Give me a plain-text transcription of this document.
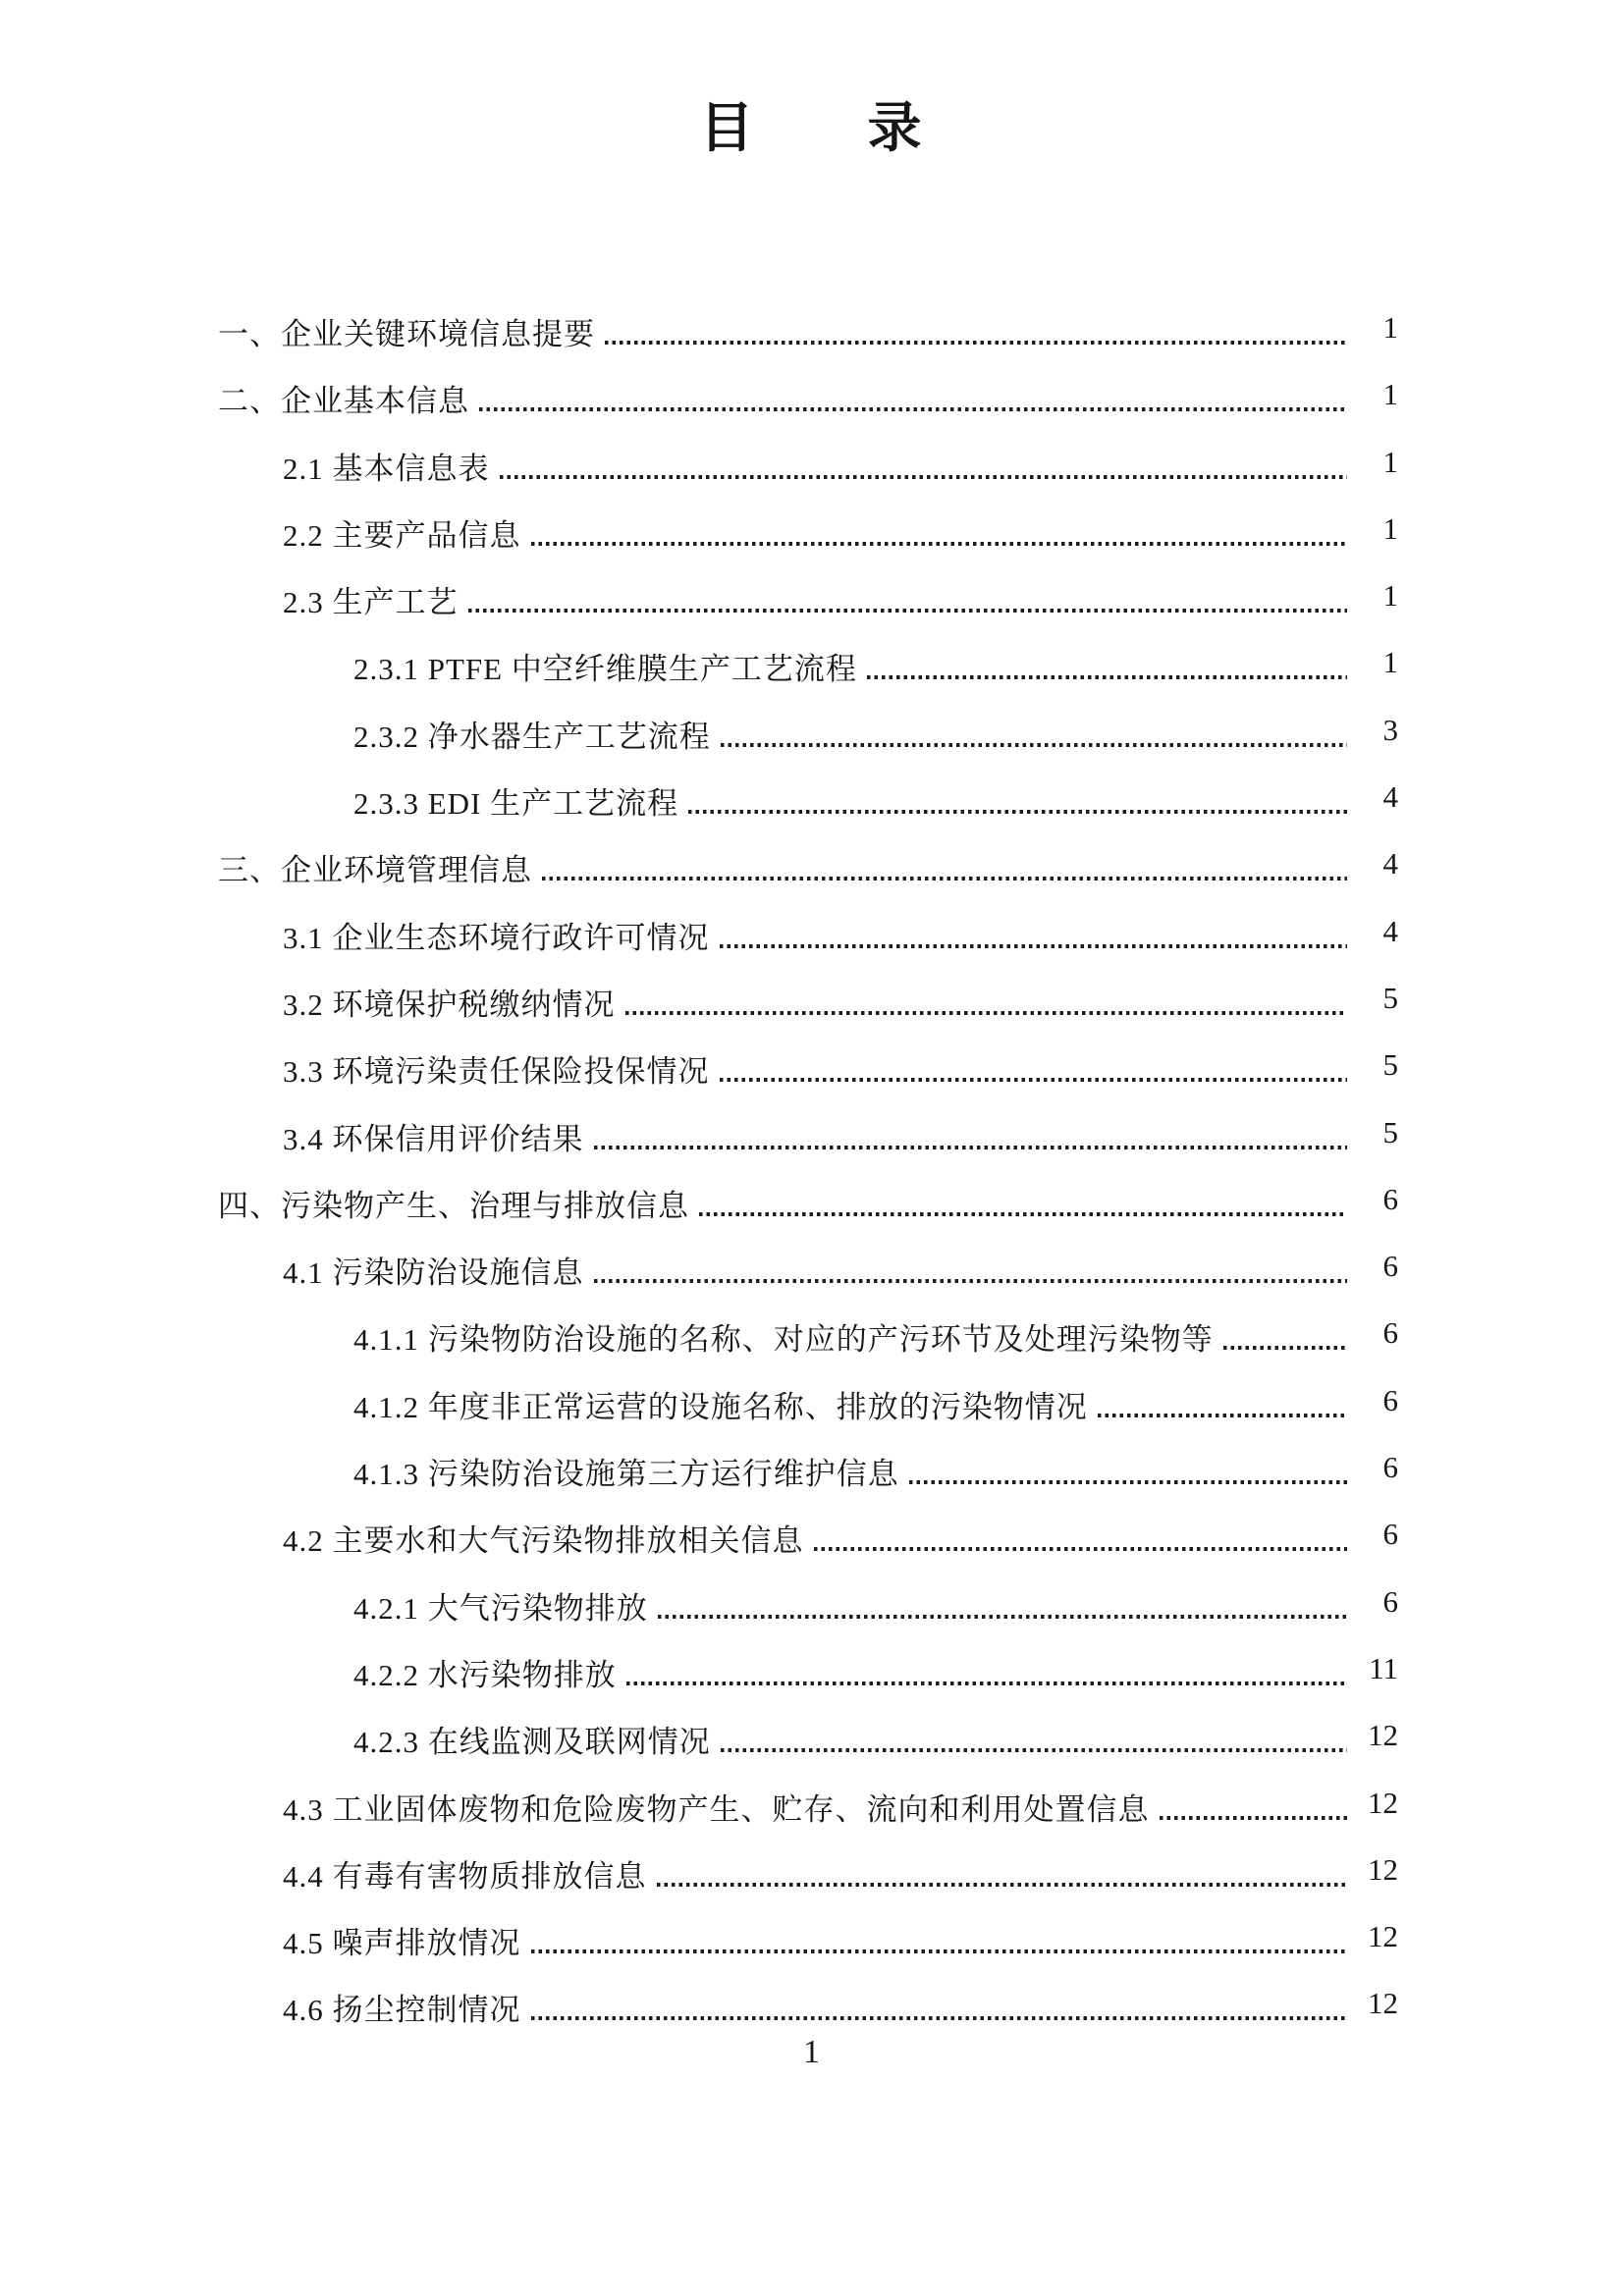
目　　录
一、企业关键环境信息提要	1
二、企业基本信息	1
2.1 基本信息表	1
2.2 主要产品信息	1
2.3 生产工艺	1
2.3.1 PTFE 中空纤维膜生产工艺流程	1
2.3.2 净水器生产工艺流程	3
2.3.3 EDI 生产工艺流程	4
三、企业环境管理信息	4
3.1 企业生态环境行政许可情况	4
3.2 环境保护税缴纳情况	5
3.3 环境污染责任保险投保情况	5
3.4 环保信用评价结果	5
四、污染物产生、治理与排放信息	6
4.1 污染防治设施信息	6
4.1.1 污染物防治设施的名称、对应的产污环节及处理污染物等	6
4.1.2 年度非正常运营的设施名称、排放的污染物情况	6
4.1.3 污染防治设施第三方运行维护信息	6
4.2 主要水和大气污染物排放相关信息	6
4.2.1 大气污染物排放	6
4.2.2 水污染物排放	11
4.2.3 在线监测及联网情况	12
4.3 工业固体废物和危险废物产生、贮存、流向和利用处置信息	12
4.4 有毒有害物质排放信息	12
4.5 噪声排放情况	12
4.6 扬尘控制情况	12
1
